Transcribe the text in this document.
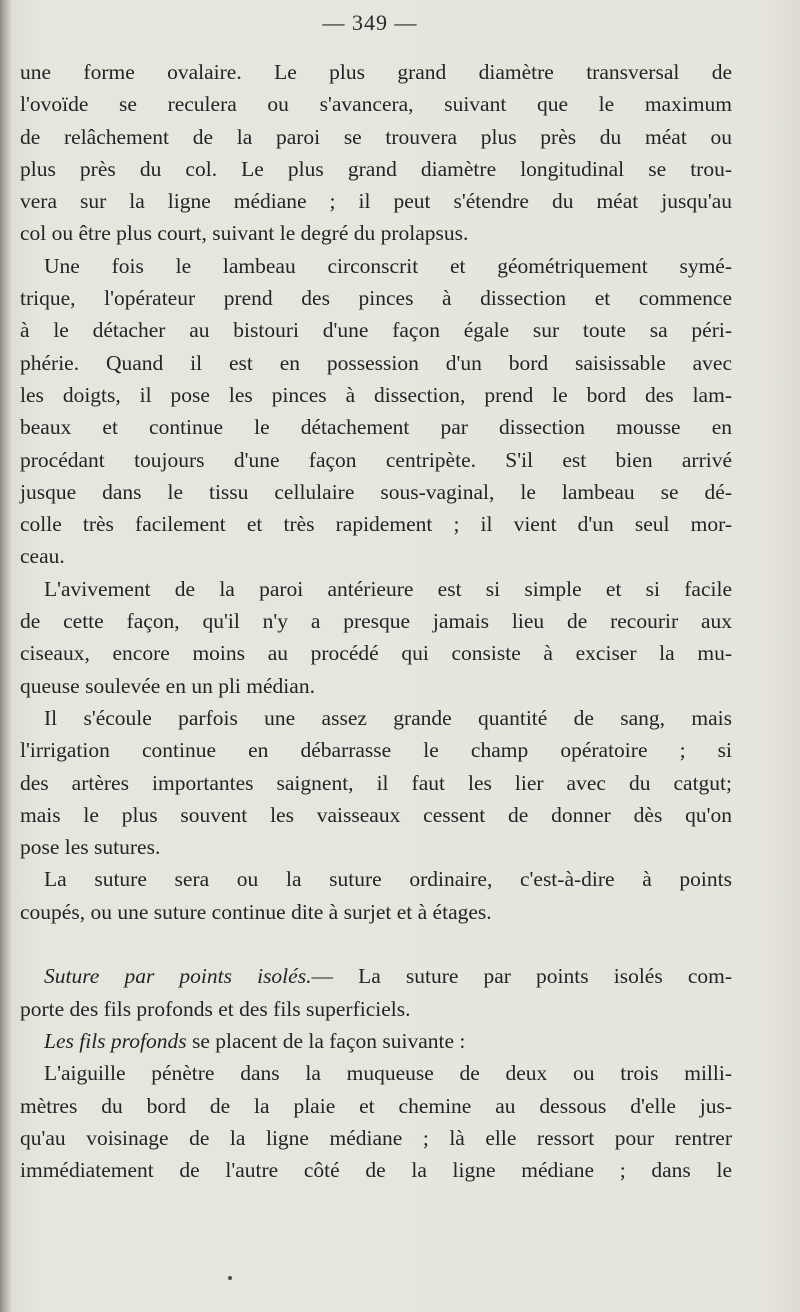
— 349 —
une forme ovalaire. Le plus grand diamètre transversal de
l'ovoïde se reculera ou s'avancera, suivant que le maximum
de relâchement de la paroi se trouvera plus près du méat ou
plus près du col. Le plus grand diamètre longitudinal se trou-
vera sur la ligne médiane ; il peut s'étendre du méat jusqu'au
col ou être plus court, suivant le degré du prolapsus.
Une fois le lambeau circonscrit et géométriquement symé-
trique, l'opérateur prend des pinces à dissection et commence
à le détacher au bistouri d'une façon égale sur toute sa péri-
phérie. Quand il est en possession d'un bord saisissable avec
les doigts, il pose les pinces à dissection, prend le bord des lam-
beaux et continue le détachement par dissection mousse en
procédant toujours d'une façon centripète. S'il est bien arrivé
jusque dans le tissu cellulaire sous-vaginal, le lambeau se dé-
colle très facilement et très rapidement ; il vient d'un seul mor-
ceau.
L'avivement de la paroi antérieure est si simple et si facile
de cette façon, qu'il n'y a presque jamais lieu de recourir aux
ciseaux, encore moins au procédé qui consiste à exciser la mu-
queuse soulevée en un pli médian.
Il s'écoule parfois une assez grande quantité de sang, mais
l'irrigation continue en débarrasse le champ opératoire ; si
des artères importantes saignent, il faut les lier avec du catgut;
mais le plus souvent les vaisseaux cessent de donner dès qu'on
pose les sutures.
La suture sera ou la suture ordinaire, c'est-à-dire à points
coupés, ou une suture continue dite à surjet et à étages.
Suture par points isolés.— La suture par points isolés com-
porte des fils profonds et des fils superficiels.
Les fils profonds se placent de la façon suivante :
L'aiguille pénètre dans la muqueuse de deux ou trois milli-
mètres du bord de la plaie et chemine au dessous d'elle jus-
qu'au voisinage de la ligne médiane ; là elle ressort pour rentrer
immédiatement de l'autre côté de la ligne médiane ; dans le
